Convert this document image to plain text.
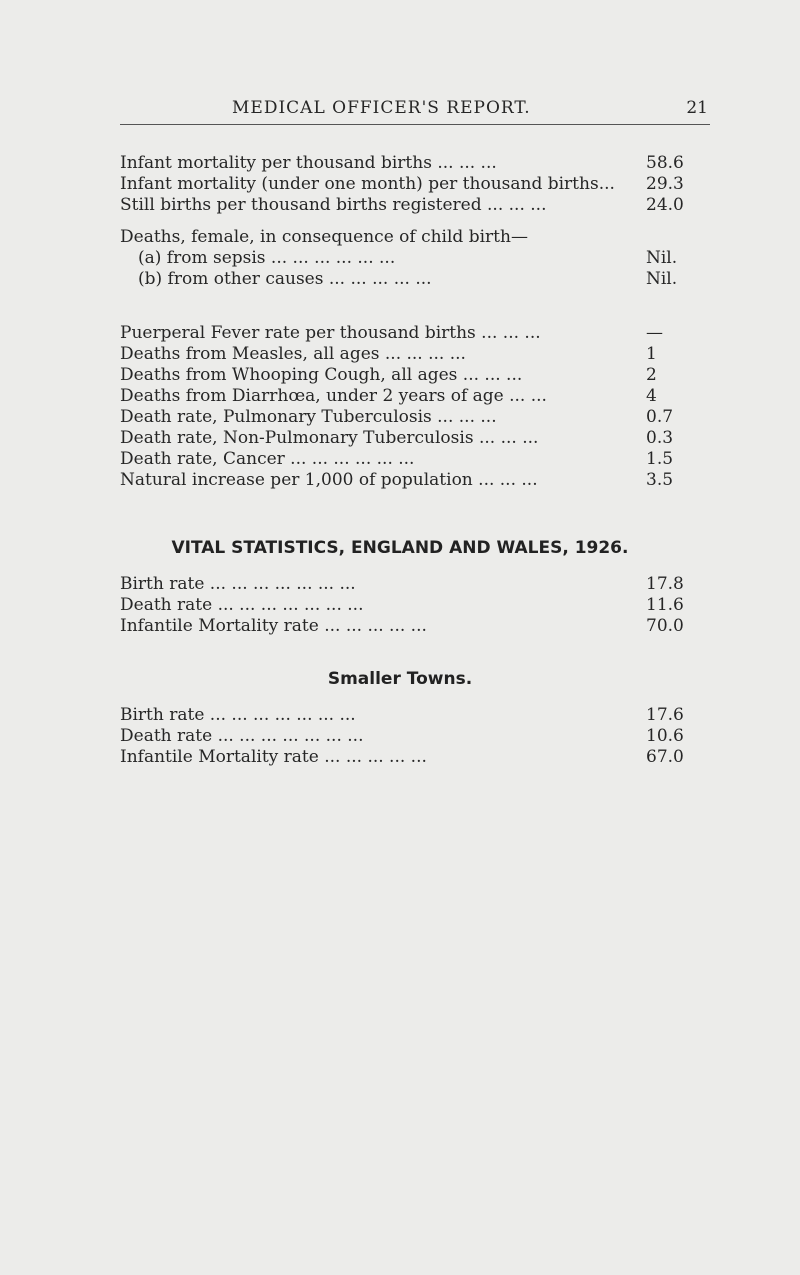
MEDICAL OFFICER'S REPORT.	21
Infant mortality per thousand births ... ... ...	58.6
Infant mortality (under one month) per thousand births... 29.3
Still births per thousand births registered ... ... ...	24.0
Deaths, female, in consequence of child birth—
(a) from sepsis ... ... ... ... ... ...	Nil.
(b) from other causes ... ... ... ... ...	Nil.
Puerperal Fever rate per thousand births ... ... ...	—
Deaths from Measles, all ages ... ... ... ...	1
Deaths from Whooping Cough, all ages ... ... ...	2
Deaths from Diarrhœa, under 2 years of age ... ...	4
Death rate, Pulmonary Tuberculosis ... ... ...	0.7
Death rate, Non-Pulmonary Tuberculosis ... ... ...	0.3
Death rate, Cancer ... ... ... ... ... ...	1.5
Natural increase per 1,000 of population ... ... ...	3.5
VITAL STATISTICS, ENGLAND AND WALES, 1926.
Birth rate ... ... ... ... ... ... ...	17.8
Death rate ... ... ... ... ... ... ...	11.6
Infantile Mortality rate ... ... ... ... ...	70.0
Smaller Towns.
Birth rate ... ... ... ... ... ... ...	17.6
Death rate ... ... ... ... ... ... ...	10.6
Infantile Mortality rate ... ... ... ... ...	67.0
